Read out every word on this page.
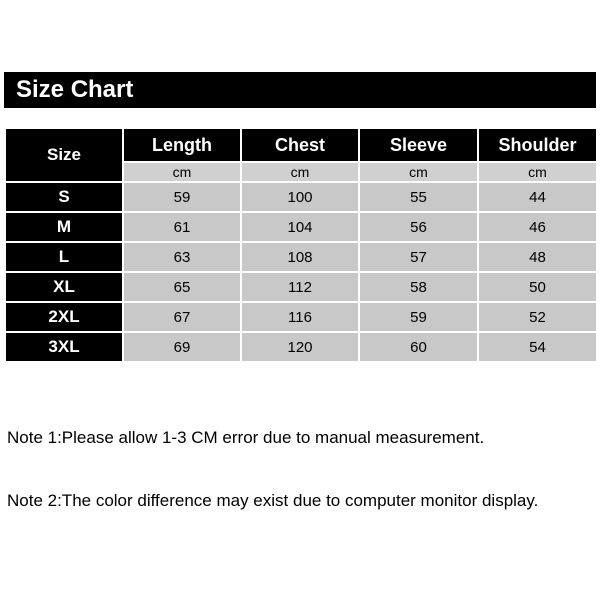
Size Chart
Size	Length	Chest	Sleeve	Shoulder
	cm	cm	cm	cm
S	59	100	55	44
M	61	104	56	46
L	63	108	57	48
XL	65	112	58	50
2XL	67	116	59	52
3XL	69	120	60	54
Note 1:Please allow 1-3 CM error due to manual measurement.
Note 2:The color difference may exist due to computer monitor display.
